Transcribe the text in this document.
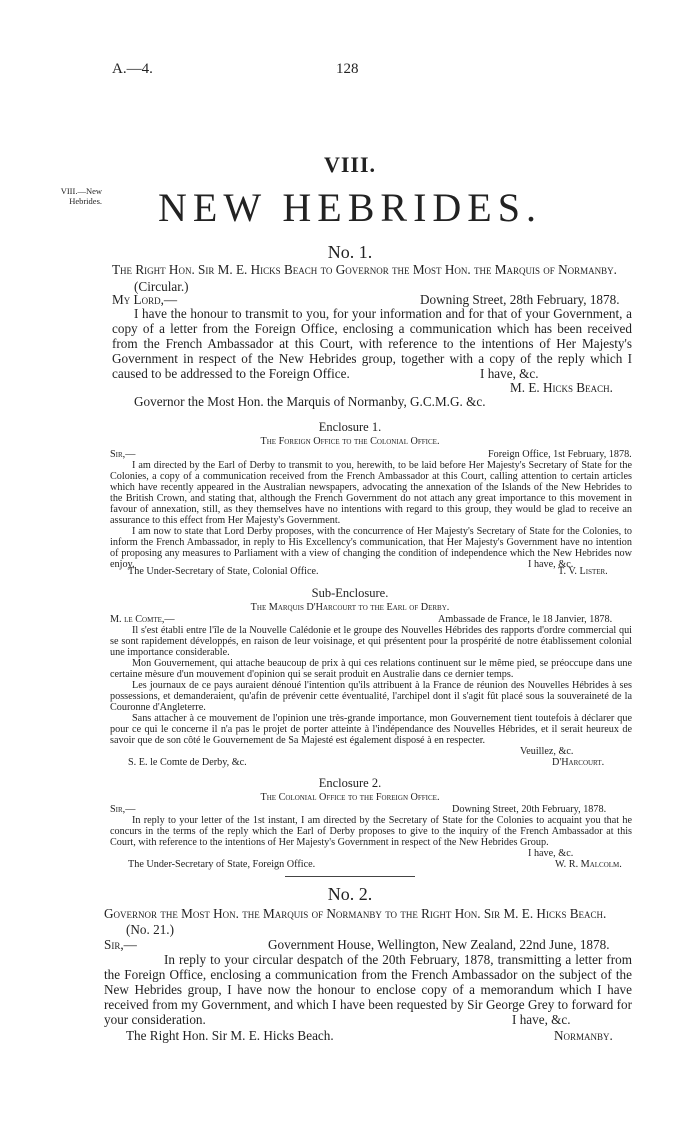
A.—4.	128
VIII.—New
Hebrides.
VIII.
NEW HEBRIDES.
No. 1.
The Right Hon. Sir M. E. Hicks Beach to Governor the Most Hon. the Marquis of Normanby.
(Circular.)
My Lord,—	Downing Street, 28th February, 1878.
I have the honour to transmit to you, for your information and for that of your Government, a copy of a letter from the Foreign Office, enclosing a communication which has been received from the French Ambassador at this Court, with reference to the intentions of Her Majesty's Government in respect of the New Hebrides group, together with a copy of the reply which I caused to be addressed to the Foreign Office.	I have, &c.
M. E. Hicks Beach.
Governor the Most Hon. the Marquis of Normanby, G.C.M.G. &c.
Enclosure 1.
The Foreign Office to the Colonial Office.
Sir,—	Foreign Office, 1st February, 1878.
I am directed by the Earl of Derby to transmit to you, herewith, to be laid before Her Majesty's Secretary of State for the Colonies, a copy of a communication received from the French Ambassador at this Court, calling attention to certain articles which have recently appeared in the Australian newspapers, advocating the annexation of the Islands of the New Hebrides to the British Crown, and stating that, although the French Government do not attach any great importance to this movement in favour of annexation, still, as they themselves have no intentions with regard to this group, they would be glad to receive an assurance to this effect from Her Majesty's Government.
I am now to state that Lord Derby proposes, with the concurrence of Her Majesty's Secretary of State for the Colonies, to inform the French Ambassador, in reply to His Excellency's communication, that Her Majesty's Government have no intention of proposing any measures to Parliament with a view of changing the condition of independence which the New Hebrides now enjoy.	I have, &c.
The Under-Secretary of State, Colonial Office.	T. V. Lister.
Sub-Enclosure.
The Marquis D'Harcourt to the Earl of Derby.
M. le Comte,—	Ambassade de France, le 18 Janvier, 1878.
Il s'est établi entre l'île de la Nouvelle Calédonie et le groupe des Nouvelles Hébrides des rapports d'ordre commercial qui se sont rapidement développés, en raison de leur voisinage, et qui présentent pour la prospérité de notre établissement colonial une importance considerable.
Mon Gouvernement, qui attache beaucoup de prix à qui ces relations continuent sur le même pied, se préoccupe dans une certaine mèsure d'un mouvement d'opinion qui se serait produit en Australie dans ce dernier temps.
Les journaux de ce pays auraient dénoué l'intention qu'ils attribuent à la France de réunion des Nouvelles Hébrides à ses possessions, et demanderaient, qu'afin de prévenir cette éventualité, l'archipel dont il s'agit fût placé sous la souveraineté de la Couronne d'Angleterre.
Sans attacher à ce mouvement de l'opinion une très-grande importance, mon Gouvernement tient toutefois à déclarer que pour ce qui le concerne il n'a pas le projet de porter atteinte à l'indépendance des Nouvelles Hébrides, et il serait heureux de savoir que de son côté le Gouvernement de Sa Majesté est également disposé à en respecter.
Veuillez, &c.
S. E. le Comte de Derby, &c.	D'Harcourt.
Enclosure 2.
The Colonial Office to the Foreign Office.
Sir,—	Downing Street, 20th February, 1878.
In reply to your letter of the 1st instant, I am directed by the Secretary of State for the Colonies to acquaint you that he concurs in the terms of the reply which the Earl of Derby proposes to give to the inquiry of the French Ambassador at this Court, with reference to the intentions of Her Majesty's Government in respect of the New Hebrides Group.
I have, &c.
The Under-Secretary of State, Foreign Office.	W. R. Malcolm.
No. 2.
Governor the Most Hon. the Marquis of Normanby to the Right Hon. Sir M. E. Hicks Beach.
(No. 21.)
Sir,—	Government House, Wellington, New Zealand, 22nd June, 1878.
In reply to your circular despatch of the 20th February, 1878, transmitting a letter from the Foreign Office, enclosing a communication from the French Ambassador on the subject of the New Hebrides group, I have now the honour to enclose copy of a memorandum which I have received from my Government, and which I have been requested by Sir George Grey to forward for your consideration.	I have, &c.
The Right Hon. Sir M. E. Hicks Beach.	Normanby.
